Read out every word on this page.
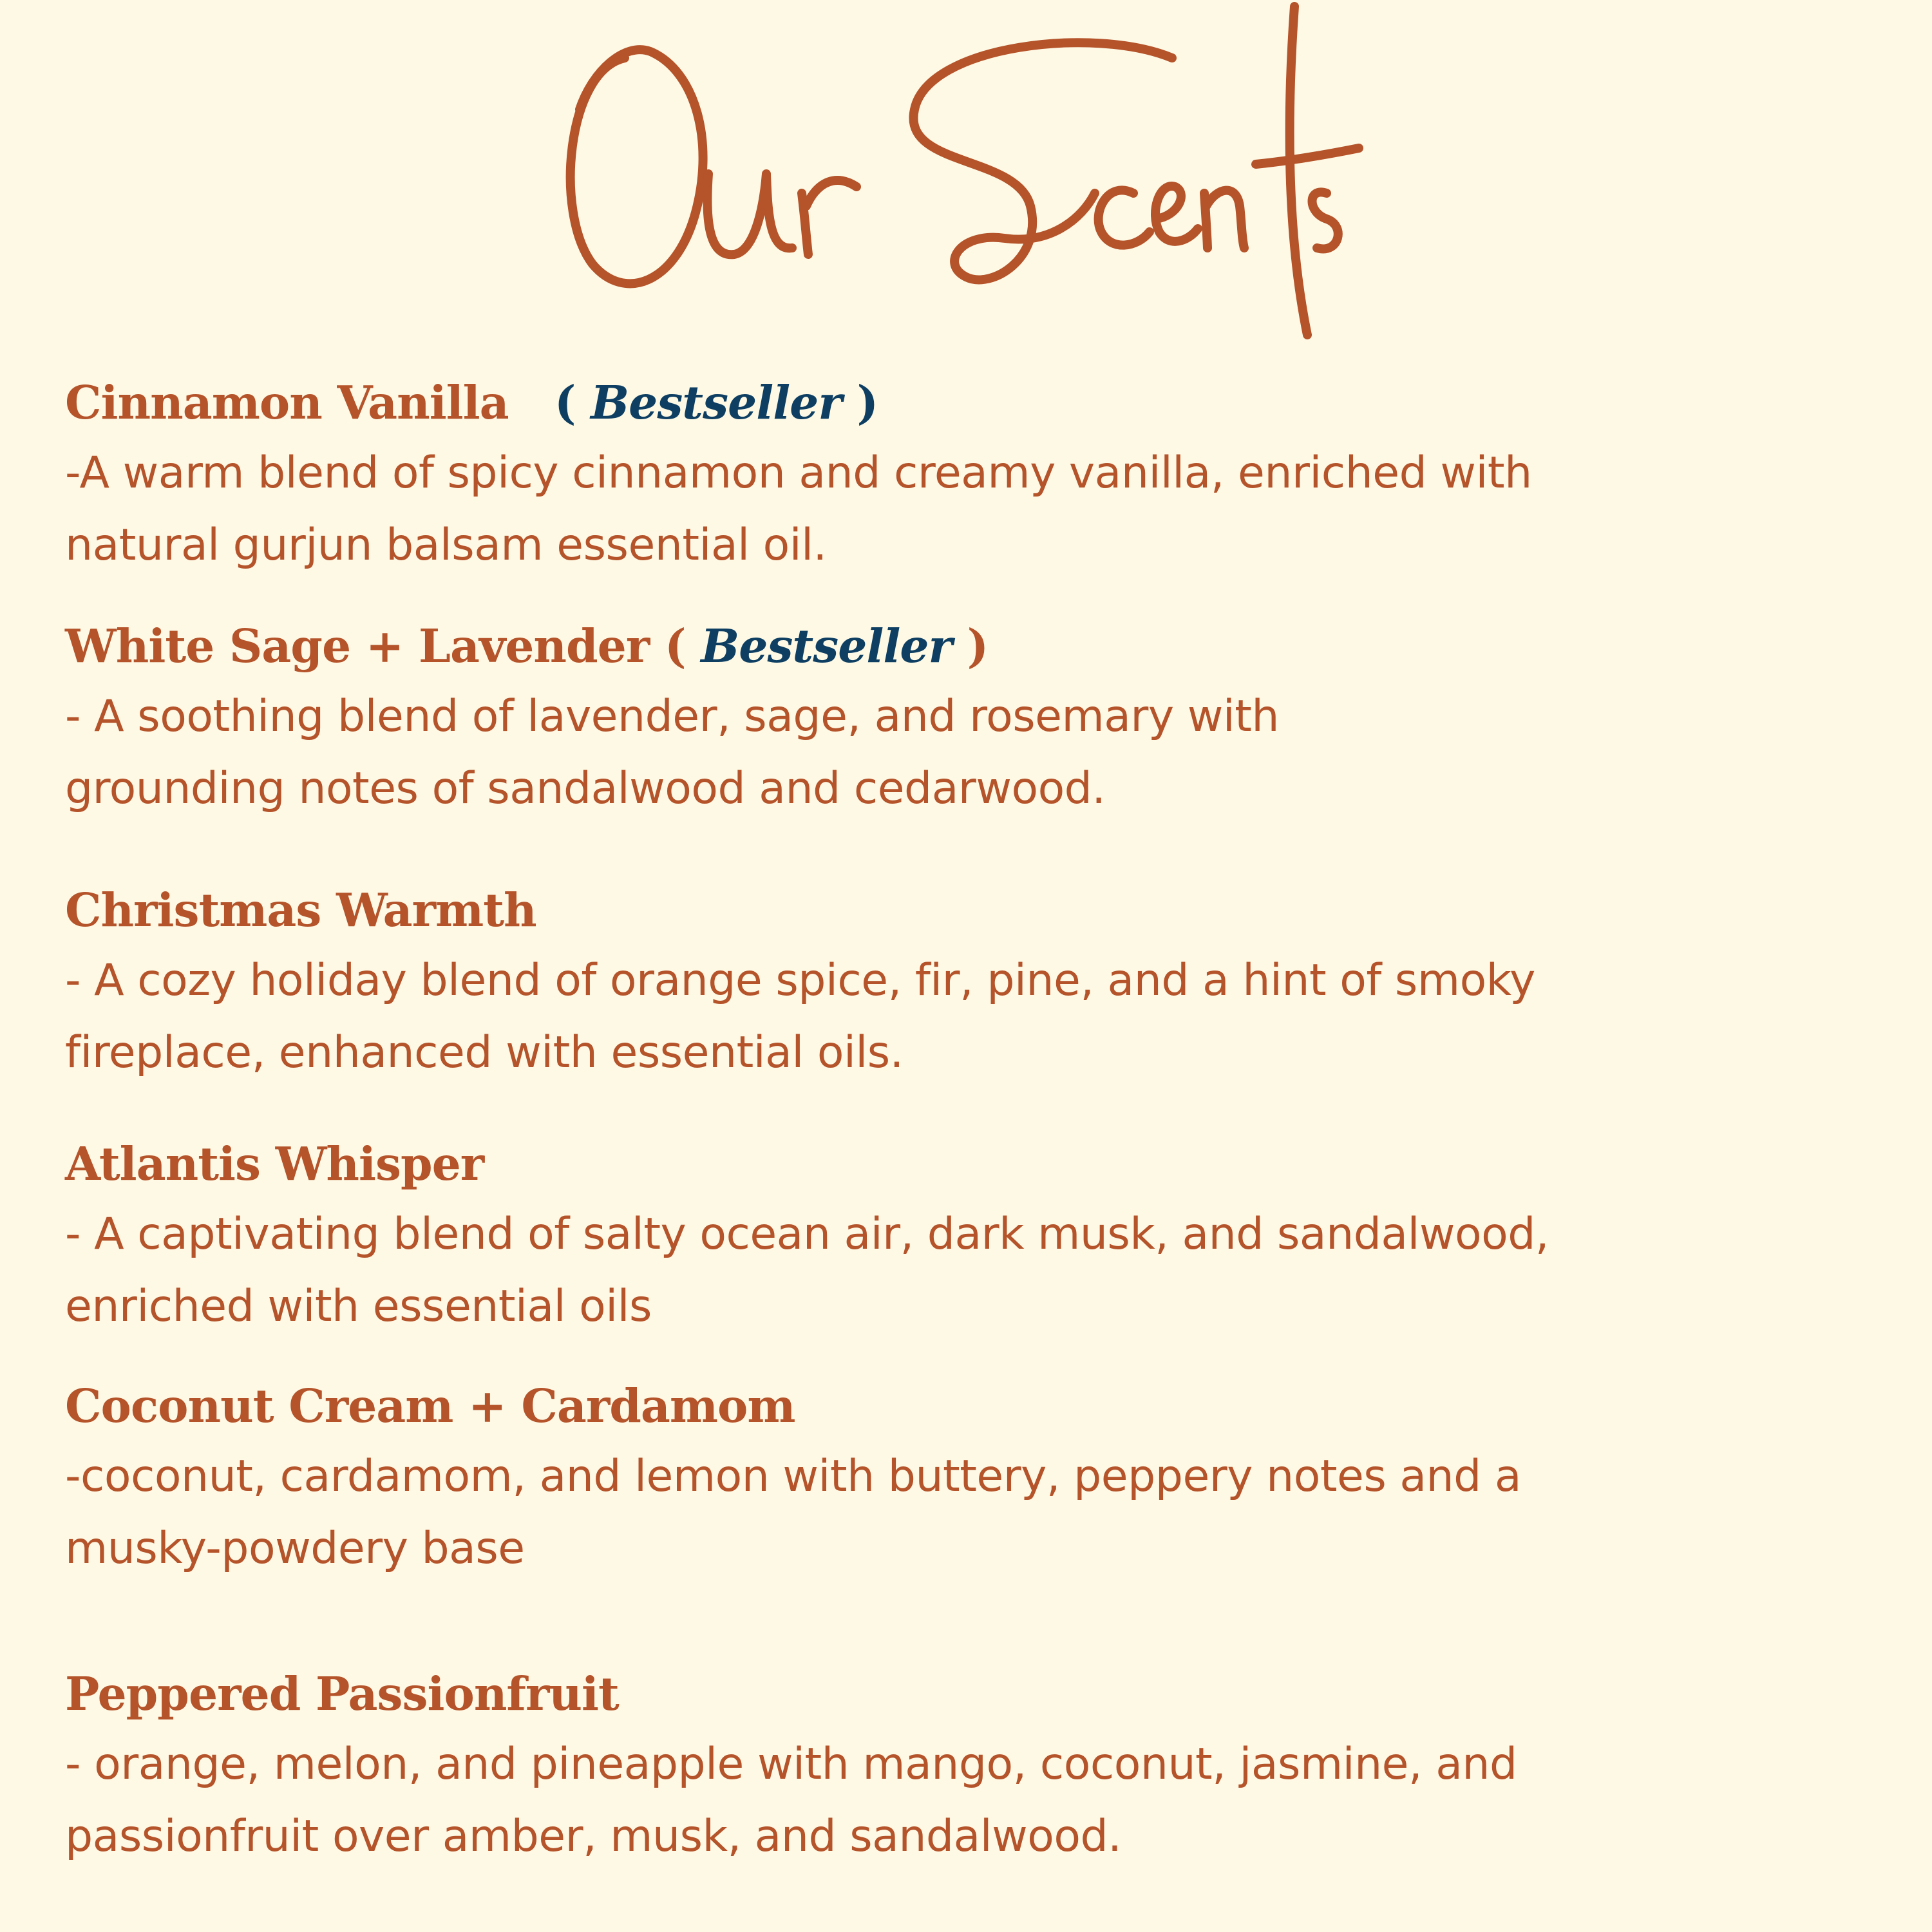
Cinnamon Vanilla ( Bestseller )
-A warm blend of spicy cinnamon and creamy vanilla, enriched with
natural gurjun balsam essential oil.
White Sage + Lavender ( Bestseller )
- A soothing blend of lavender, sage, and rosemary with
grounding notes of sandalwood and cedarwood.
Christmas Warmth
- A cozy holiday blend of orange spice, fir, pine, and a hint of smoky
fireplace, enhanced with essential oils.
Atlantis Whisper
- A captivating blend of salty ocean air, dark musk, and sandalwood,
enriched with essential oils
Coconut Cream + Cardamom
-coconut, cardamom, and lemon with buttery, peppery notes and a
musky-powdery base
Peppered Passionfruit
- orange, melon, and pineapple with mango, coconut, jasmine, and
passionfruit over amber, musk, and sandalwood.
